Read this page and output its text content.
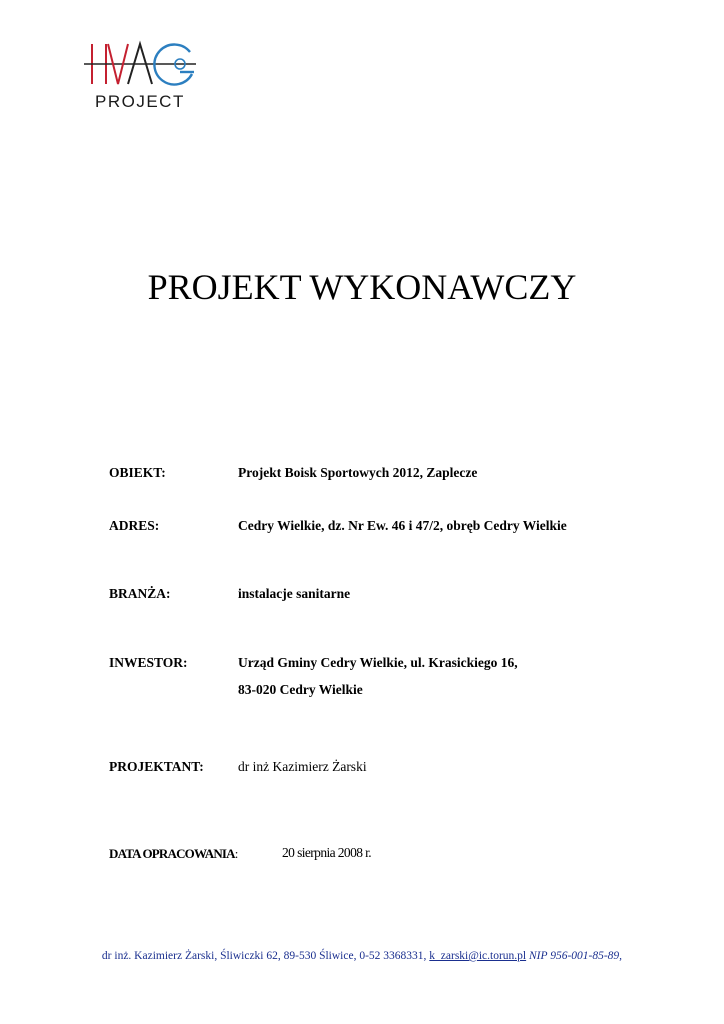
PROJECT
PROJEKT WYKONAWCZY
OBIEKT:	Projekt Boisk Sportowych 2012, Zaplecze
ADRES:	Cedry Wielkie, dz. Nr Ew. 46 i 47/2, obręb Cedry Wielkie
BRANŻA:	instalacje sanitarne
INWESTOR:	Urząd Gminy Cedry Wielkie, ul. Krasickiego 16,
83-020 Cedry Wielkie
PROJEKTANT:	dr inż Kazimierz Żarski
DATA OPRACOWANIA:	20 sierpnia 2008 r.
dr inż. Kazimierz Żarski, Śliwiczki 62, 89-530 Śliwice, 0-52 3368331, k_zarski@ic.torun.pl NIP 956-001-85-89,
